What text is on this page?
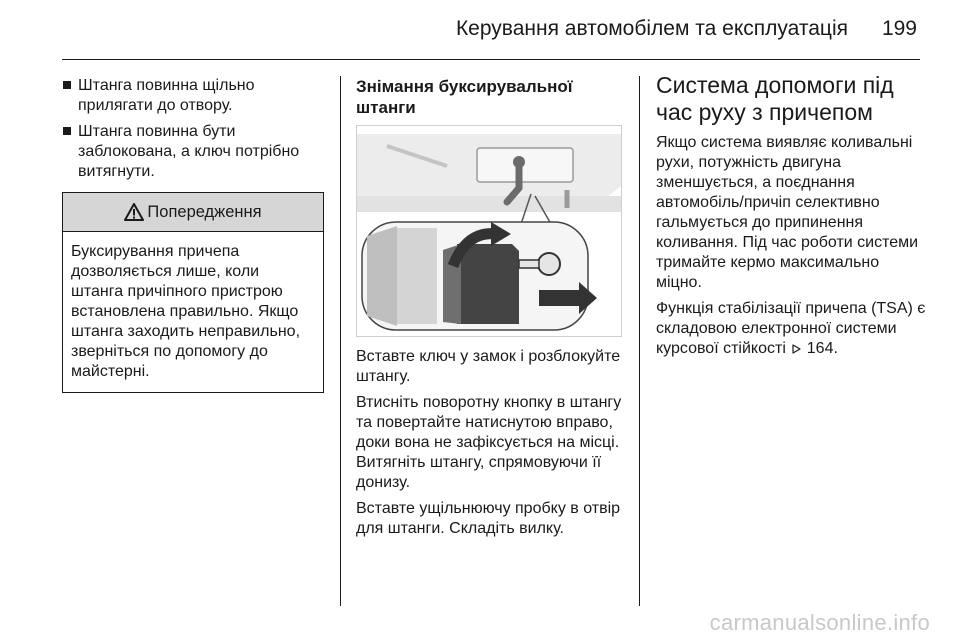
Керування автомобілем та експлуатація 199
Штанга повинна щільно прилягати до отвору.
Штанга повинна бути заблокована, а ключ потрібно витягнути.
Попередження
Буксирування причепа дозволяється лише, коли штанга причіпного пристрою встановлена правильно. Якщо штанга заходить неправильно, зверніться по допомогу до майстерні.
Знімання буксирувальної штанги

Вставте ключ у замок і розблокуйте штангу.

Втисніть поворотну кнопку в штангу та повертайте натиснутою вправо, доки вона не зафіксується на місці. Витягніть штангу, спрямовуючи її донизу.

Вставте ущільнюючу пробку в отвір для штанги. Складіть вилку.

Система допомоги під час руху з причепом

Якщо система виявляє коливальні рухи, потужність двигуна зменшується, а поєднання автомобіль/причіп селективно гальмується до припинення коливання. Під час роботи системи тримайте кермо максимально міцно.

Функція стабілізації причепа (TSA) є складовою електронної системи курсової стійкості 164.

carmanualsonline.info
